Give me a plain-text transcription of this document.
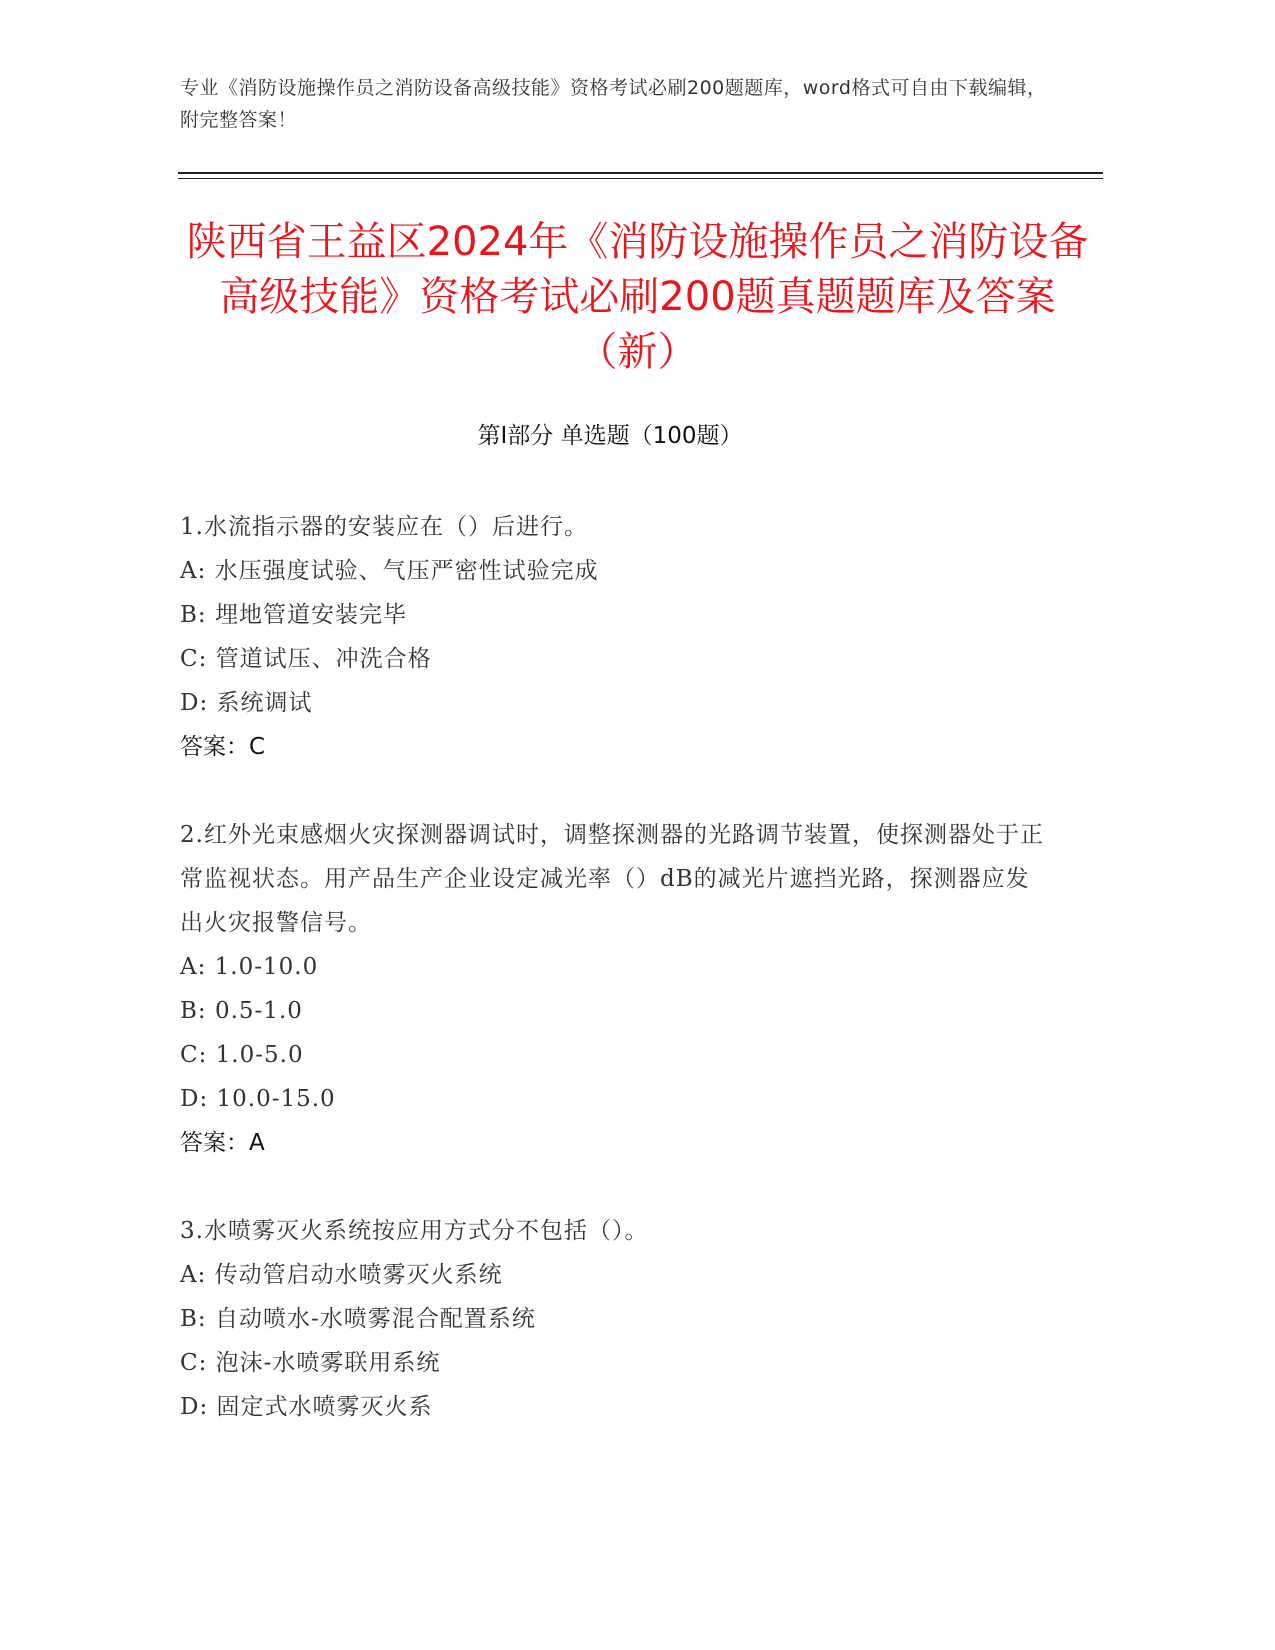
专业《消防设施操作员之消防设备高级技能》资格考试必刷200题题库，word格式可自由下载编辑，附完整答案！
陕西省王益区2024年《消防设施操作员之消防设备高级技能》资格考试必刷200题真题题库及答案（新）
第Ⅰ部分 单选题（100题）

1.水流指示器的安装应在（）后进行。

A: 水压强度试验、气压严密性试验完成

B: 埋地管道安装完毕

C: 管道试压、冲洗合格

D: 系统调试

答案：C

2.红外光束感烟火灾探测器调试时，调整探测器的光路调节装置，使探测器处于正常监视状态。用产品生产企业设定减光率（）dB的减光片遮挡光路，探测器应发出火灾报警信号。

A: 1.0-10.0

B: 0.5-1.0

C: 1.0-5.0

D: 10.0-15.0

答案：A

3.水喷雾灭火系统按应用方式分不包括（）。

A: 传动管启动水喷雾灭火系统

B: 自动喷水-水喷雾混合配置系统

C: 泡沫-水喷雾联用系统

D: 固定式水喷雾灭火系
